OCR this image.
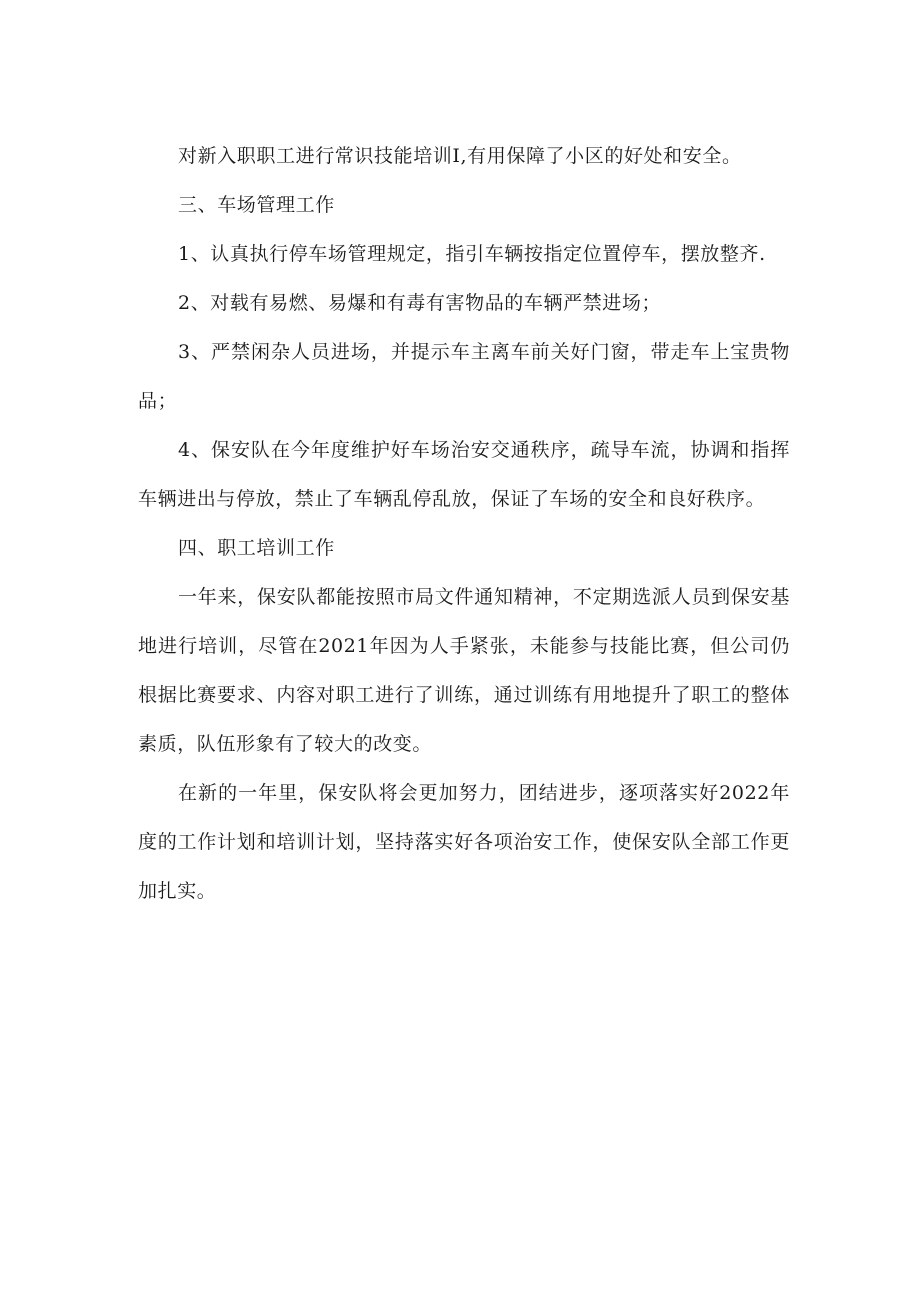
对新入职职工进行常识技能培训Ⅰ,有用保障了小区的好处和安全。

三、车场管理工作

1、认真执行停车场管理规定，指引车辆按指定位置停车，摆放整齐.

2、对载有易燃、易爆和有毒有害物品的车辆严禁进场；

3、严禁闲杂人员进场，并提示车主离车前关好门窗，带走车上宝贵物品；

4、保安队在今年度维护好车场治安交通秩序，疏导车流，协调和指挥车辆进出与停放，禁止了车辆乱停乱放，保证了车场的安全和良好秩序。

四、职工培训工作

一年来，保安队都能按照市局文件通知精神，不定期选派人员到保安基地进行培训，尽管在2021年因为人手紧张，未能参与技能比赛，但公司仍根据比赛要求、内容对职工进行了训练，通过训练有用地提升了职工的整体素质，队伍形象有了较大的改变。

在新的一年里，保安队将会更加努力，团结进步，逐项落实好2022年度的工作计划和培训计划，坚持落实好各项治安工作，使保安队全部工作更加扎实。
